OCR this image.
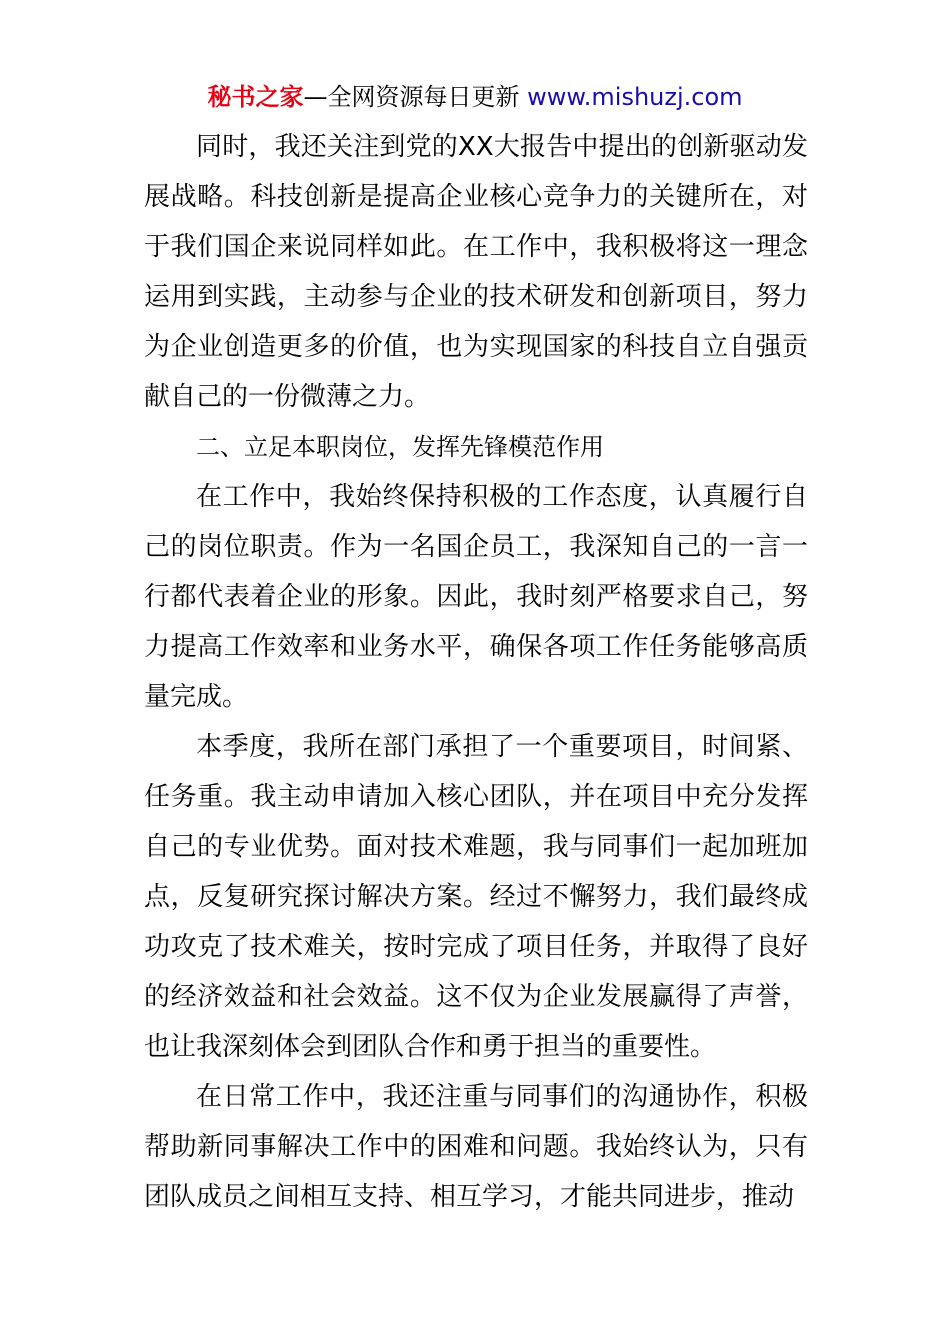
秘书之家—全网资源每日更新 www.mishuzj.com

同时，我还关注到党的XX大报告中提出的创新驱动发展战略。科技创新是提高企业核心竞争力的关键所在，对于我们国企来说同样如此。在工作中，我积极将这一理念运用到实践，主动参与企业的技术研发和创新项目，努力为企业创造更多的价值，也为实现国家的科技自立自强贡献自己的一份微薄之力。

二、立足本职岗位，发挥先锋模范作用

在工作中，我始终保持积极的工作态度，认真履行自己的岗位职责。作为一名国企员工，我深知自己的一言一行都代表着企业的形象。因此，我时刻严格要求自己，努力提高工作效率和业务水平，确保各项工作任务能够高质量完成。

本季度，我所在部门承担了一个重要项目，时间紧、任务重。我主动申请加入核心团队，并在项目中充分发挥自己的专业优势。面对技术难题，我与同事们一起加班加点，反复研究探讨解决方案。经过不懈努力，我们最终成功攻克了技术难关，按时完成了项目任务，并取得了良好的经济效益和社会效益。这不仅为企业发展赢得了声誉，也让我深刻体会到团队合作和勇于担当的重要性。

在日常工作中，我还注重与同事们的沟通协作，积极帮助新同事解决工作中的困难和问题。我始终认为，只有团队成员之间相互支持、相互学习，才能共同进步，推动
